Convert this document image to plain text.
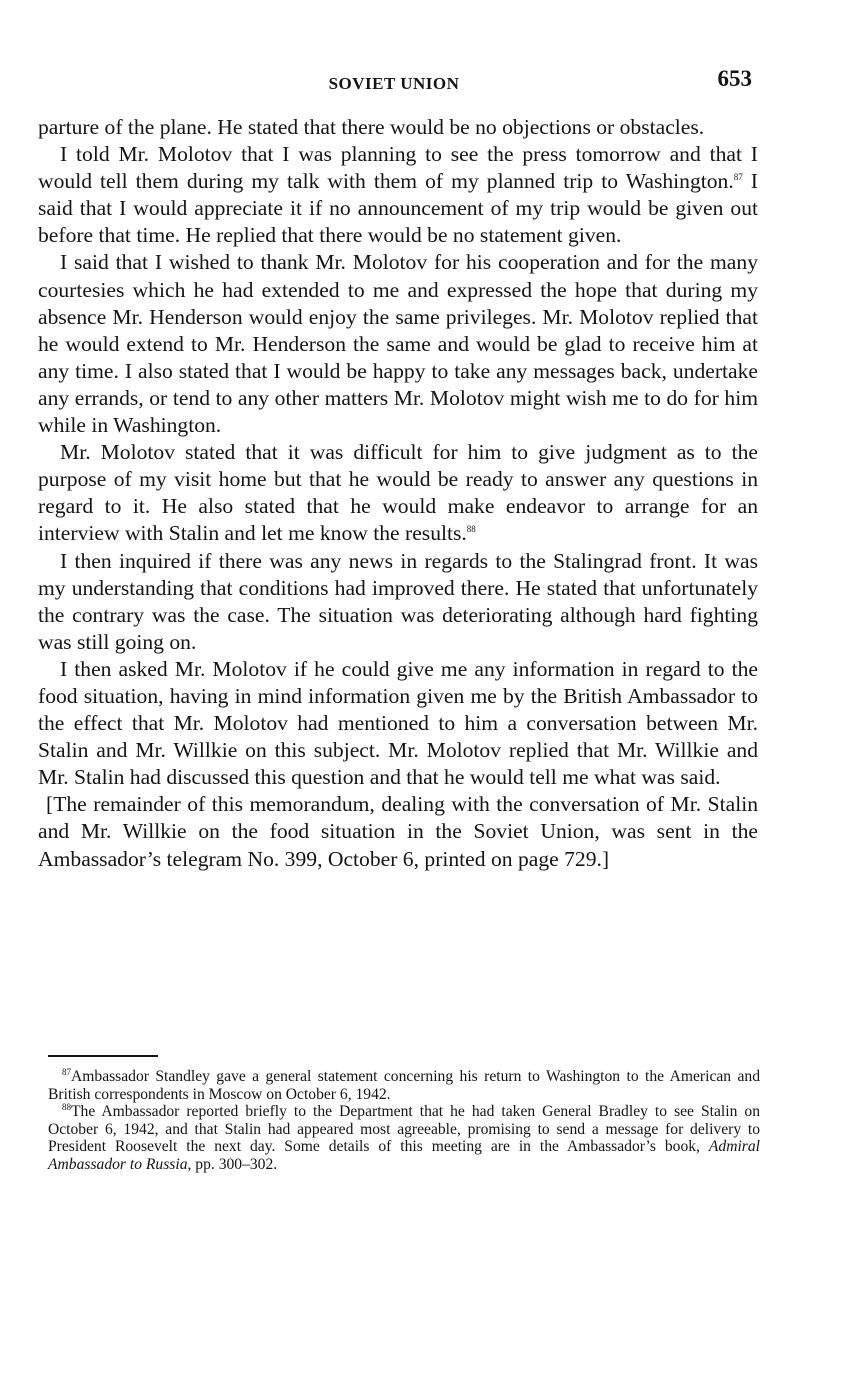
SOVIET UNION	653

parture of the plane. He stated that there would be no objections or obstacles.

I told Mr. Molotov that I was planning to see the press tomorrow and that I would tell them during my talk with them of my planned trip to Washington.$^{87}$ I said that I would appreciate it if no announcement of my trip would be given out before that time. He replied that there would be no statement given.

I said that I wished to thank Mr. Molotov for his cooperation and for the many courtesies which he had extended to me and expressed the hope that during my absence Mr. Henderson would enjoy the same privileges. Mr. Molotov replied that he would extend to Mr. Henderson the same and would be glad to receive him at any time. I also stated that I would be happy to take any messages back, undertake any errands, or tend to any other matters Mr. Molotov might wish me to do for him while in Washington.

Mr. Molotov stated that it was difficult for him to give judgment as to the purpose of my visit home but that he would be ready to answer any questions in regard to it. He also stated that he would make endeavor to arrange for an interview with Stalin and let me know the results.$^{88}$

I then inquired if there was any news in regards to the Stalingrad front. It was my understanding that conditions had improved there. He stated that unfortunately the contrary was the case. The situation was deteriorating although hard fighting was still going on.

I then asked Mr. Molotov if he could give me any information in regard to the food situation, having in mind information given me by the British Ambassador to the effect that Mr. Molotov had mentioned to him a conversation between Mr. Stalin and Mr. Willkie on this subject. Mr. Molotov replied that Mr. Willkie and Mr. Stalin had discussed this question and that he would tell me what was said.

[The remainder of this memorandum, dealing with the conversation of Mr. Stalin and Mr. Willkie on the food situation in the Soviet Union, was sent in the Ambassador’s telegram No. 399, October 6, printed on page 729.]

$^{87}$Ambassador Standley gave a general statement concerning his return to Washington to the American and British correspondents in Moscow on October 6, 1942.

$^{88}$The Ambassador reported briefly to the Department that he had taken General Bradley to see Stalin on October 6, 1942, and that Stalin had appeared most agreeable, promising to send a message for delivery to President Roosevelt the next day. Some details of this meeting are in the Ambassador’s book, Admiral Ambassador to Russia, pp. 300–302.
